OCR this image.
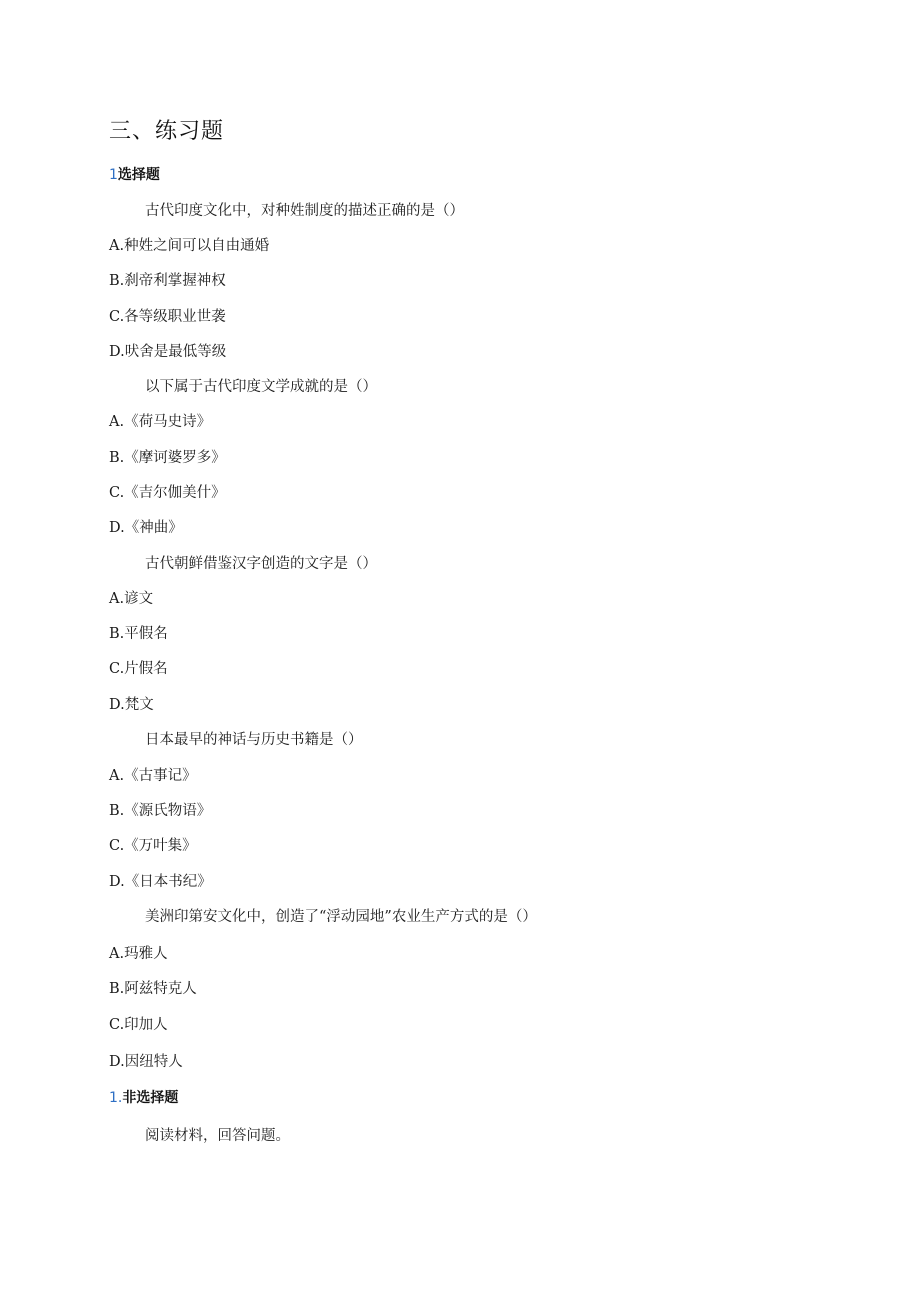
三、练习题
1选择题
古代印度文化中，对种姓制度的描述正确的是（）
A.种姓之间可以自由通婚
B.刹帝利掌握神权
C.各等级职业世袭
D.吠舍是最低等级
以下属于古代印度文学成就的是（）
A.《荷马史诗》
B.《摩诃婆罗多》
C.《吉尔伽美什》
D.《神曲》
古代朝鲜借鉴汉字创造的文字是（）
A.谚文
B.平假名
C.片假名
D.梵文
日本最早的神话与历史书籍是（）
A.《古事记》
B.《源氏物语》
C.《万叶集》
D.《日本书纪》
美洲印第安文化中，创造了“浮动园地”农业生产方式的是（）
A.玛雅人
B.阿兹特克人
C.印加人
D.因纽特人
1.非选择题
阅读材料，回答问题。
